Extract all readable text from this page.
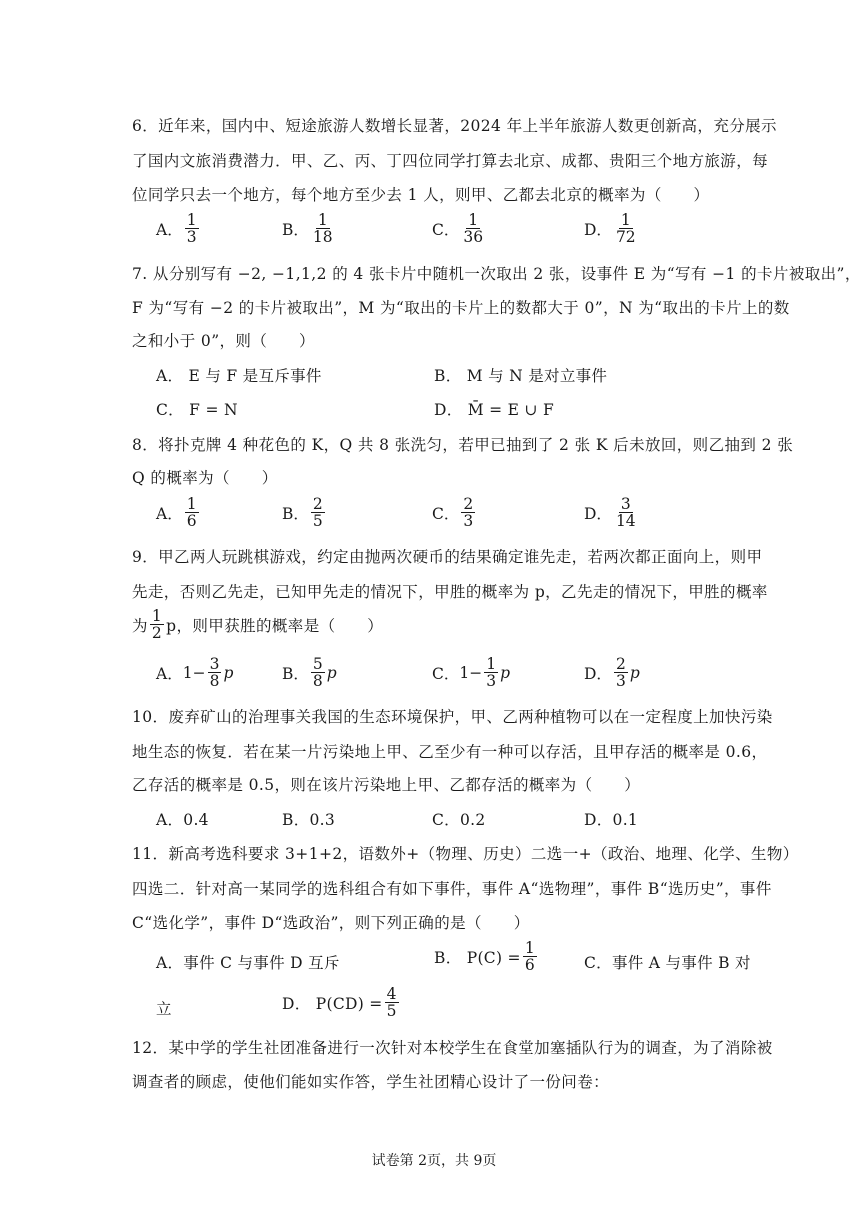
6．近年来，国内中、短途旅游人数增长显著，2024 年上半年旅游人数更创新高，充分展示
了国内文旅消费潜力．甲、乙、丙、丁四位同学打算去北京、成都、贵阳三个地方旅游，每
位同学只去一个地方，每个地方至少去 1 人，则甲、乙都去北京的概率为（　　）
A． $\frac{1}{3}$	B． $\frac{1}{18}$	C． $\frac{1}{36}$	D． $\frac{1}{72}$
7. 从分别写有 −2, −1,1,2 的 4 张卡片中随机一次取出 2 张，设事件 E 为“写有 −1 的卡片被取出”，
F 为“写有 −2 的卡片被取出”，M 为“取出的卡片上的数都大于 0”，N 为“取出的卡片上的数
之和小于 0”，则（　　）
A． E 与 F 是互斥事件	B． M 与 N 是对立事件
C． F = N	D． M̄ = E ∪ F
8．将扑克牌 4 种花色的 K，Q 共 8 张洗匀，若甲已抽到了 2 张 K 后未放回，则乙抽到 2 张
Q 的概率为（　　）
A． $\frac{1}{6}$	B． $\frac{2}{5}$	C． $\frac{2}{3}$	D． $\frac{3}{14}$
9．甲乙两人玩跳棋游戏，约定由抛两次硬币的结果确定谁先走，若两次都正面向上，则甲
先走，否则乙先走，已知甲先走的情况下，甲胜的概率为 p，乙先走的情况下，甲胜的概率
为 $\frac{1}{2}$ p，则甲获胜的概率是（　　）
A． $1- \frac{3}{8}$ p	B． $\frac{5}{8}$ p	C． $1- \frac{1}{3}$ p	D． $\frac{2}{3}$ p
10．废弃矿山的治理事关我国的生态环境保护，甲、乙两种植物可以在一定程度上加快污染
地生态的恢复．若在某一片污染地上甲、乙至少有一种可以存活，且甲存活的概率是 0.6，
乙存活的概率是 0.5，则在该片污染地上甲、乙都存活的概率为（　　）
A．0.4	B．0.3	C．0.2	D．0.1
11．新高考选科要求 3+1+2，语数外+（物理、历史）二选一+（政治、地理、化学、生物）
四选二．针对高一某同学的选科组合有如下事件，事件 A“选物理”，事件 B“选历史”，事件
C“选化学”，事件 D“选政治”，则下列正确的是（　　）
A．事件 C 与事件 D 互斥	B． $P(C) = \frac{1}{6}$	C．事件 A 与事件 B 对
立	D． $P(CD) = \frac{4}{5}$
12．某中学的学生社团准备进行一次针对本校学生在食堂加塞插队行为的调查，为了消除被
调查者的顾虑，使他们能如实作答，学生社团精心设计了一份问卷：
试卷第 2页，共 9页
